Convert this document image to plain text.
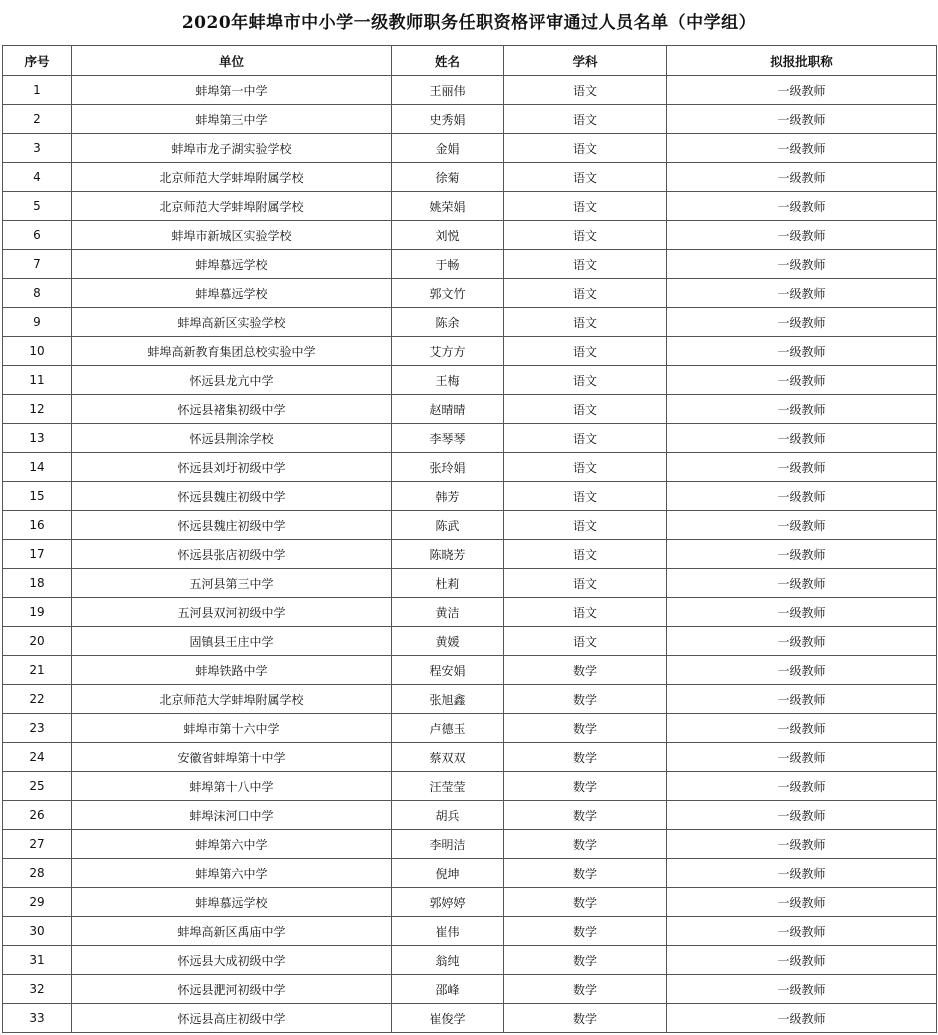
2020年蚌埠市中小学一级教师职务任职资格评审通过人员名单（中学组）
序号	单位	姓名	学科	拟报批职称
1	蚌埠第一中学	王丽伟	语文	一级教师
2	蚌埠第三中学	史秀娟	语文	一级教师
3	蚌埠市龙子湖实验学校	金娟	语文	一级教师
4	北京师范大学蚌埠附属学校	徐菊	语文	一级教师
5	北京师范大学蚌埠附属学校	姚荣娟	语文	一级教师
6	蚌埠市新城区实验学校	刘悦	语文	一级教师
7	蚌埠慕远学校	于畅	语文	一级教师
8	蚌埠慕远学校	郭文竹	语文	一级教师
9	蚌埠高新区实验学校	陈余	语文	一级教师
10	蚌埠高新教育集团总校实验中学	艾方方	语文	一级教师
11	怀远县龙亢中学	王梅	语文	一级教师
12	怀远县褚集初级中学	赵晴晴	语文	一级教师
13	怀远县荆涂学校	李琴琴	语文	一级教师
14	怀远县刘圩初级中学	张玲娟	语文	一级教师
15	怀远县魏庄初级中学	韩芳	语文	一级教师
16	怀远县魏庄初级中学	陈武	语文	一级教师
17	怀远县张店初级中学	陈晓芳	语文	一级教师
18	五河县第三中学	杜莉	语文	一级教师
19	五河县双河初级中学	黄洁	语文	一级教师
20	固镇县王庄中学	黄媛	语文	一级教师
21	蚌埠铁路中学	程安娟	数学	一级教师
22	北京师范大学蚌埠附属学校	张旭鑫	数学	一级教师
23	蚌埠市第十六中学	卢德玉	数学	一级教师
24	安徽省蚌埠第十中学	蔡双双	数学	一级教师
25	蚌埠第十八中学	汪莹莹	数学	一级教师
26	蚌埠沫河口中学	胡兵	数学	一级教师
27	蚌埠第六中学	李明洁	数学	一级教师
28	蚌埠第六中学	倪坤	数学	一级教师
29	蚌埠慕远学校	郭婷婷	数学	一级教师
30	蚌埠高新区禹庙中学	崔伟	数学	一级教师
31	怀远县大成初级中学	翁纯	数学	一级教师
32	怀远县淝河初级中学	邵峰	数学	一级教师
33	怀远县高庄初级中学	崔俊学	数学	一级教师
